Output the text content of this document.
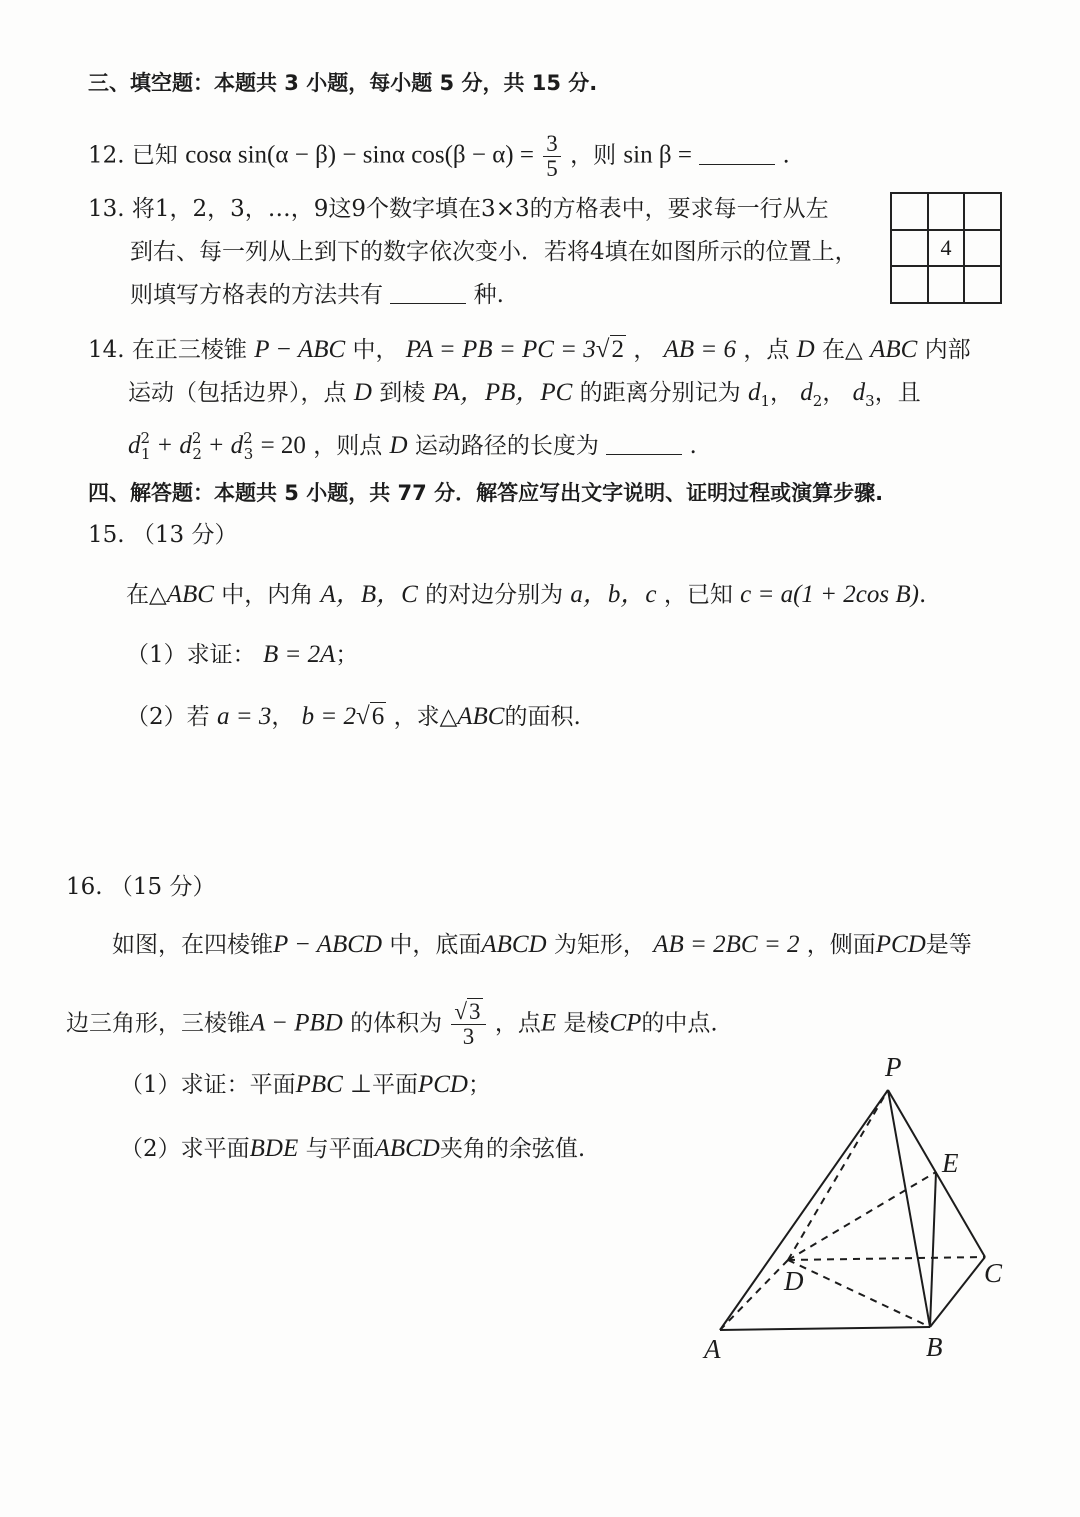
三、填空题：本题共 3 小题，每小题 5 分，共 15 分.
12. 已知 cosα sin(α − β) − sinα $\cos(\beta - \alpha) = \frac{3}{5}$ ，则 sin β =	.
13. 将1，2，3，…，9这9个数字填在3×3的方格表中，要求每一行从左
到右、每一列从上到下的数字依次变小．若将4填在如图所示的位置上，
则填写方格表的方法共有	种.
4
14. 在正三棱锥 P − ABC 中， PA = PB = PC = 3√2 ， AB = 6 ，点 D 在△ ABC 内部
运动（包括边界），点 D 到棱 PA，PB，PC 的距离分别记为 $d_1$， $d_2$， $d_3$，且
$d^2_1 + d^2_2 + d^2_3 = 20$ ，则点 D 运动路径的长度为	.
四、解答题：本题共 5 小题，共 77 分．解答应写出文字说明、证明过程或演算步骤.
15. （13 分）
在△ABC 中，内角 A，B，C 的对边分别为 a，b，c ，已知 c = a(1 + 2cos B).
（1）求证： B = 2A；
（2）若 a = 3， b = 2√6 ，求△ABC的面积.
16. （15 分）
如图，在四棱锥P − ABCD 中，底面ABCD 为矩形， AB = 2BC = 2 ，侧面PCD是等
边三角形，三棱锥A − PBD 的体积为 $\frac{√3}{3}$ ，点E 是棱CP的中点.
（1）求证：平面PBC ⊥平面PCD；
（2）求平面BDE 与平面ABCD夹角的余弦值.
P
E
C
D
A	B
